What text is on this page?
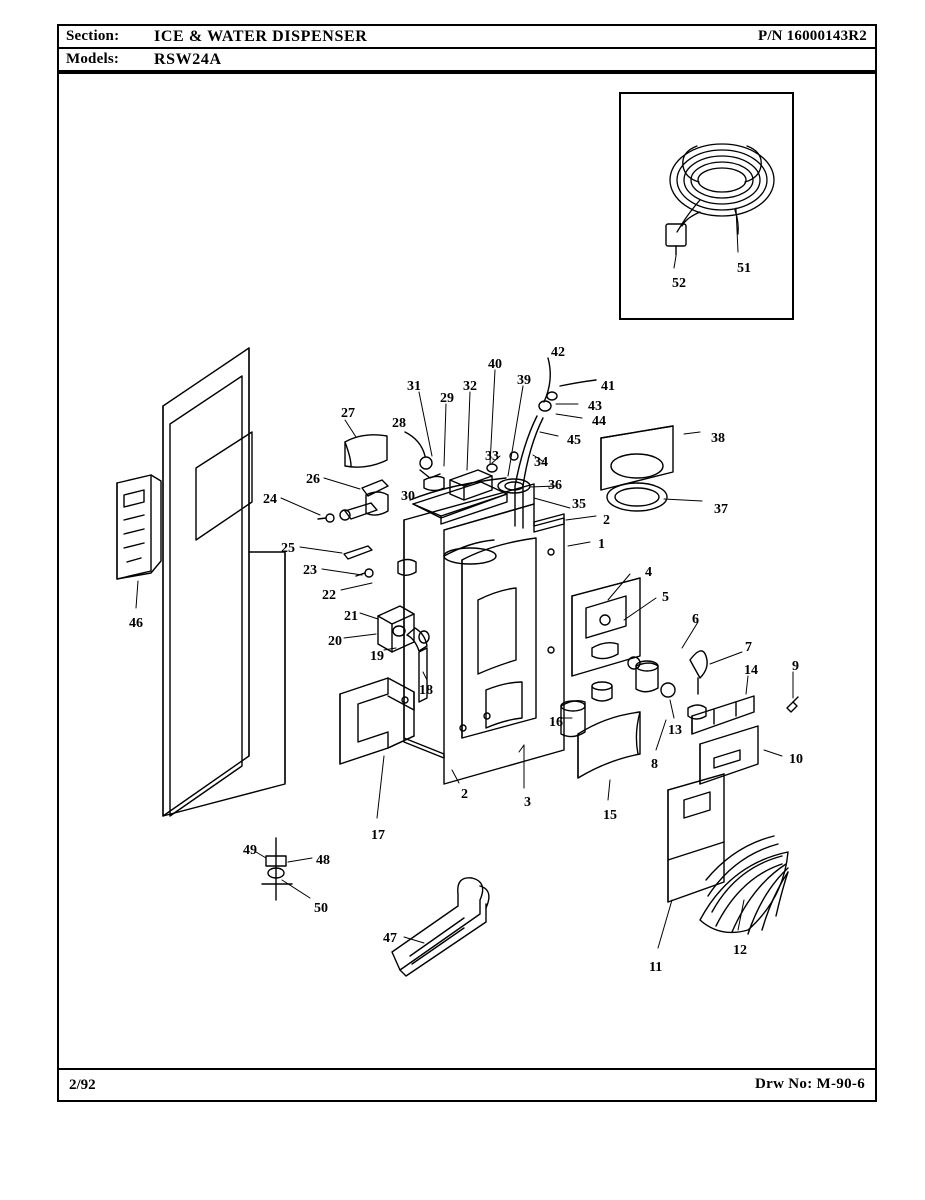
Section: ICE & WATER DISPENSER	P/N 16000143R2
Models: RSW24A
2/92	Drw No: M-90-6
1
2
2
3
4
5
6
7
8
9
10
11
12
13
14
15
16
17
18
19
20
21
22
23
24
25
26
27
28
29
30
31	32
33	34
35
36
37
38
39
40
41
42
43
44
45
46
47
48
49
50
51
52
